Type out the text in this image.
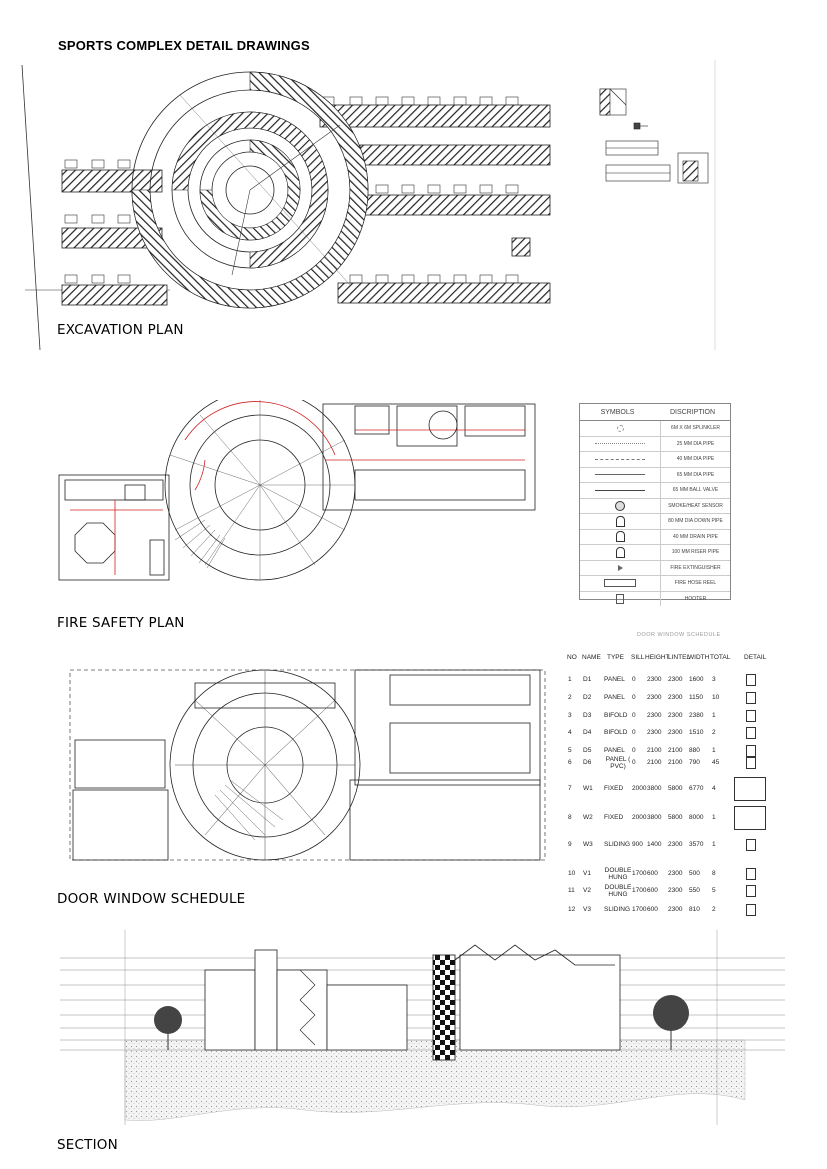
SPORTS COMPLEX DETAIL DRAWINGS
EXCAVATION PLAN
FIRE SAFETY PLAN
SYMBOLS	DISCRIPTION
6M X 6M SPLINKLER
25 MM DIA PIPE
40 MM DIA PIPE
65 MM DIA PIPE
65 MM BALL VALVE
SMOKE/HEAT SENSOR
80 MM DIA DOWN PIPE
40 MM DRAIN PIPE
100 MM RISER PIPE
FIRE EXTINGUISHER
FIRE HOSE REEL
HOOTER
DOOR WINDOW SCHEDULE
DOOR WINDOW SCHEDULE
NO NAME TYPE SILL HEIGHT
LINTEL
WIDTH TOTAL DETAIL
1 D1 PANEL 0 2300 2300 1600 3
2 D2 PANEL 0 2300 2300 1150 10
3 D3 BIFOLD 0 2300 2300 2380 1
4 D4 BIFOLD 0 2300 2300 1510 2
5 D5 PANEL 0 2100 2100 880 1
6 D6 PANEL ( PVC)
0 2100 2100 790 45
7 W1 FIXED 2000 3800 5800 6770 4
8 W2 FIXED 2000 3800 5800 8000 1
9 W3 SLIDING 900 1400 2300 3570 1
10 V1 DOUBLE HUNG
1700 600 2300 500 8
11 V2 DOUBLE HUNG
1700 600 2300 550 5
12 V3 SLIDING 1700 600 2300 810 2
SECTION
